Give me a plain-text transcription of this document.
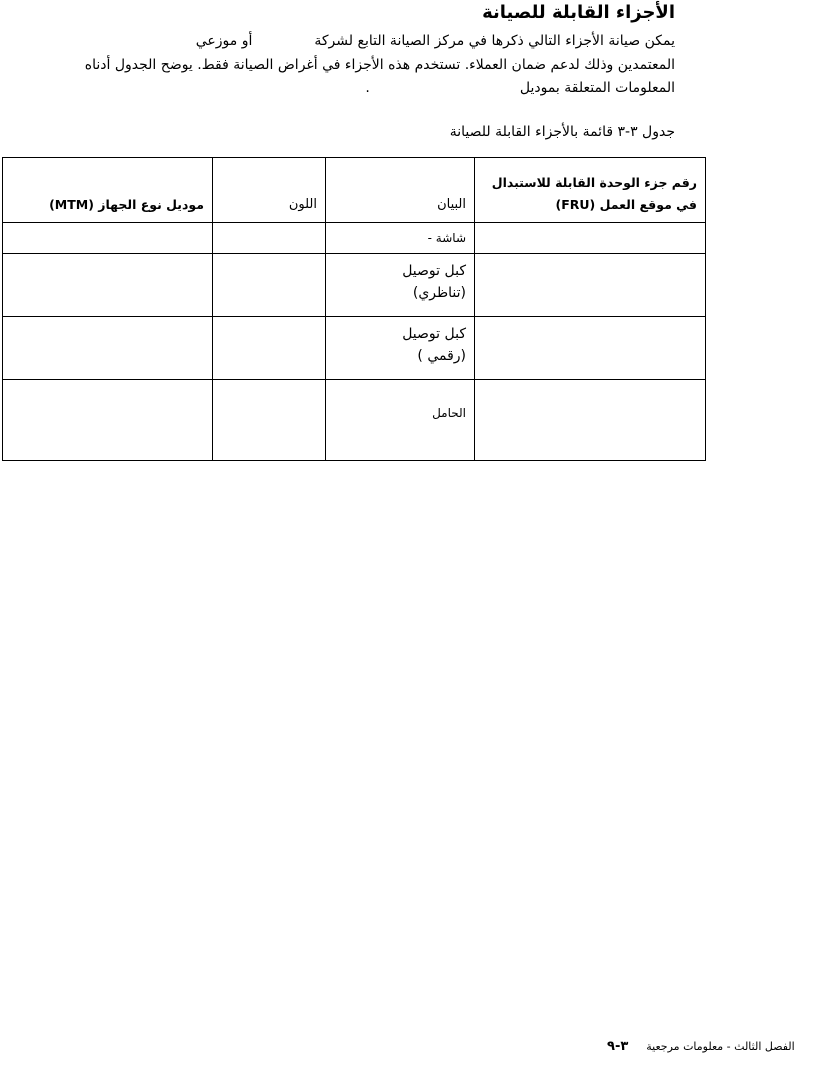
الأجزاء القابلة للصيانة

يمكن صيانة الأجزاء التالي ذكرها في مركز الصيانة التابع لشركةأو موزعي

المعتمدين وذلك لدعم ضمان العملاء. تستخدم هذه الأجزاء في أغراض الصيانة فقط. يوضح الجدول أدناه

المعلومات المتعلقة بموديل.

جدول ٣-٣ قائمة بالأجزاء القابلة للصيانة

رقم جزء الوحدة القابلة للاستبدال
في موقع العمل (FRU)	البيان	اللون	موديل نوع الجهاز (MTM)

	شاشة -		

	كبل توصيل
(تناظري)		

	كبل توصيل
(رقمي )		

	الحامل		

الفصل الثالث - معلومات مرجعية٣-٩
